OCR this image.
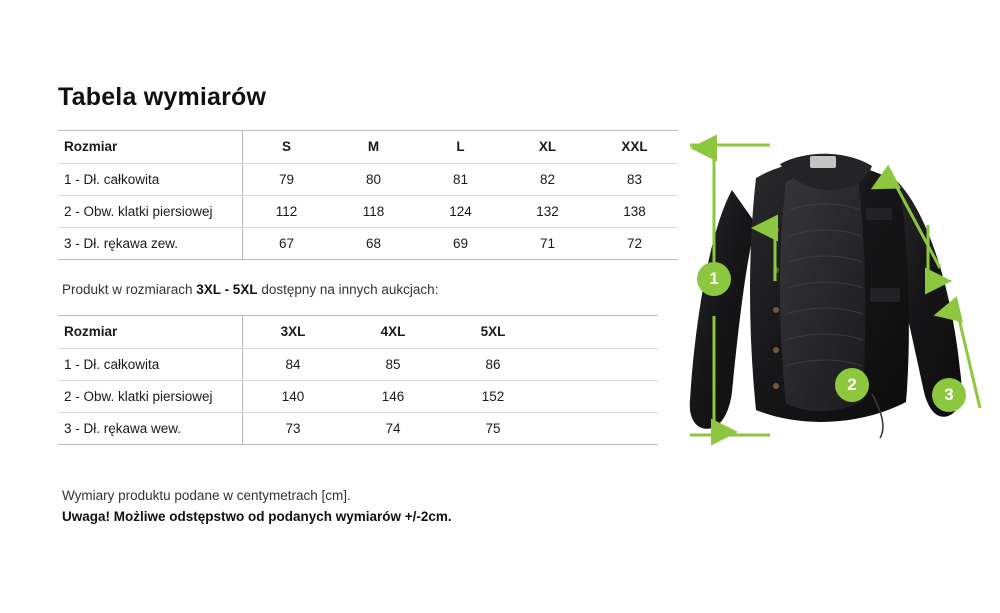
Tabela wymiarów
Rozmiar	S	M	L	XL	XXL
1 - Dł. całkowita	79	80	81	82	83
2 - Obw. klatki piersiowej	112	118	124	132	138
3 - Dł. rękawa zew.	67	68	69	71	72

Produkt w rozmiarach 3XL - 5XL dostępny na innych aukcjach:

Rozmiar	3XL	4XL	5XL
1 - Dł. całkowita	84	85	86
2 - Obw. klatki piersiowej	140	146	152
3 - Dł. rękawa wew.	73	74	75
Wymiary produktu podane w centymetrach [cm].
Uwaga! Możliwe odstępstwo od podanych wymiarów +/-2cm.
1
2
3
